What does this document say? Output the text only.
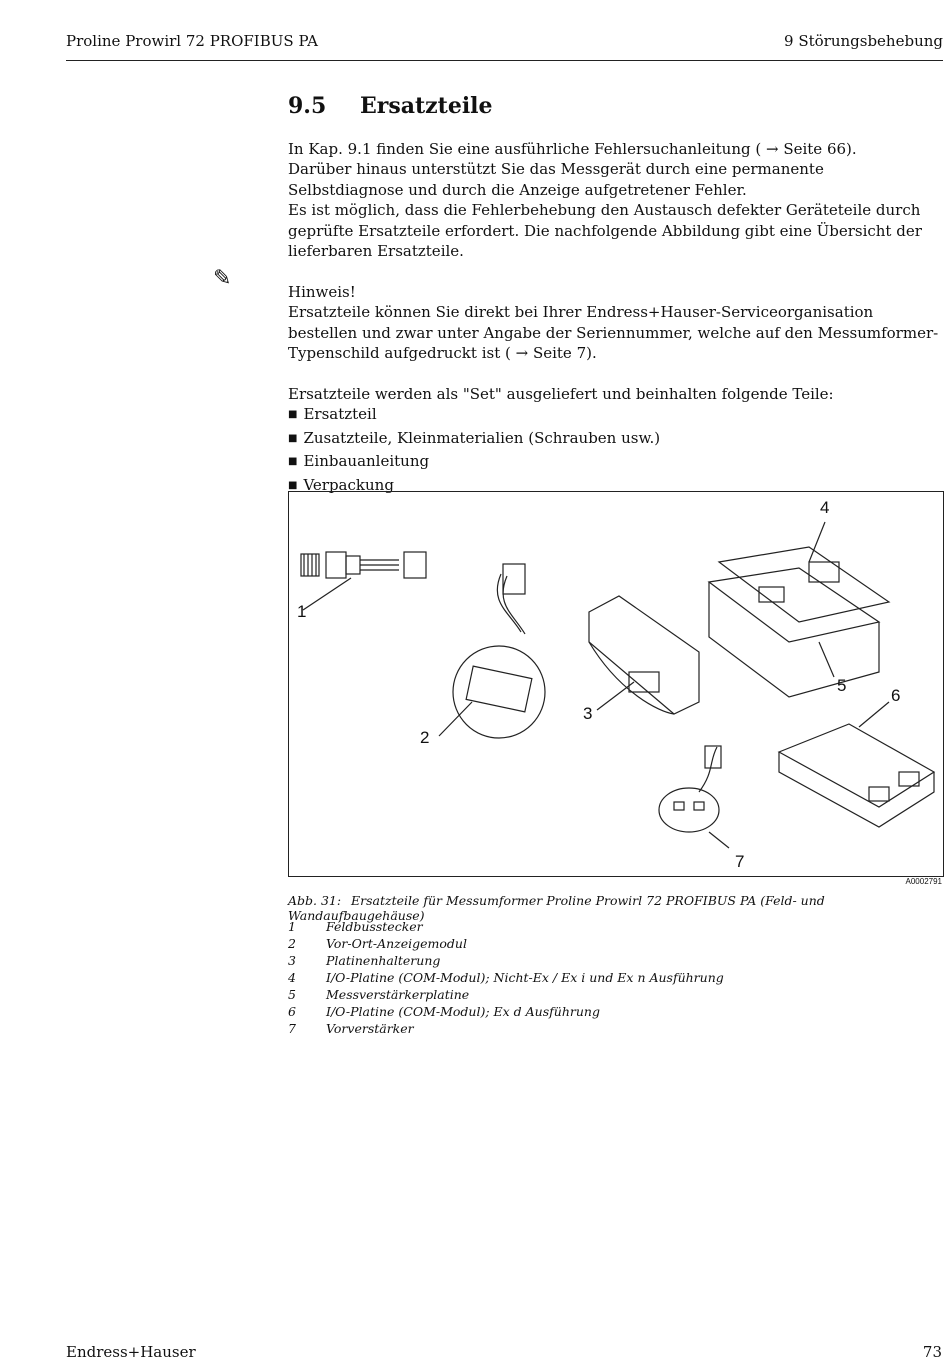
Proline Prowirl 72 PROFIBUS PA	9 Störungsbehebung
✎
9.5	Ersatzteile

In Kap. 9.1 finden Sie eine ausführliche Fehlersuchanleitung ( → Seite 66).

Darüber hinaus unterstützt Sie das Messgerät durch eine permanente Selbstdiagnose und durch die Anzeige aufgetretener Fehler.

Es ist möglich, dass die Fehlerbehebung den Austausch defekter Geräteteile durch geprüfte Ersatzteile erfordert. Die nachfolgende Abbildung gibt eine Übersicht der lieferbaren Ersatzteile.

Hinweis!

Ersatzteile können Sie direkt bei Ihrer Endress+Hauser-Serviceorganisation bestellen und zwar unter Angabe der Seriennummer, welche auf den Messumformer-Typenschild aufgedruckt ist ( → Seite 7).

Ersatzteile werden als "Set" ausgeliefert und beinhalten folgende Teile:

■ Ersatzteil
■ Zusatzteile, Kleinmaterialien (Schrauben usw.)
■ Einbauanleitung
■ Verpackung
1
2
3
4
5
6
7
A0002791
Abb. 31: Ersatzteile für Messumformer Proline Prowirl 72 PROFIBUS PA (Feld- und Wandaufbaugehäuse)
1	Feldbusstecker
2	Vor-Ort-Anzeigemodul
3	Platinenhalterung
4	I/O-Platine (COM-Modul); Nicht-Ex / Ex i und Ex n Ausführung
5	Messverstärkerplatine
6	I/O-Platine (COM-Modul); Ex d Ausführung
7	Vorverstärker
Endress+Hauser	73
